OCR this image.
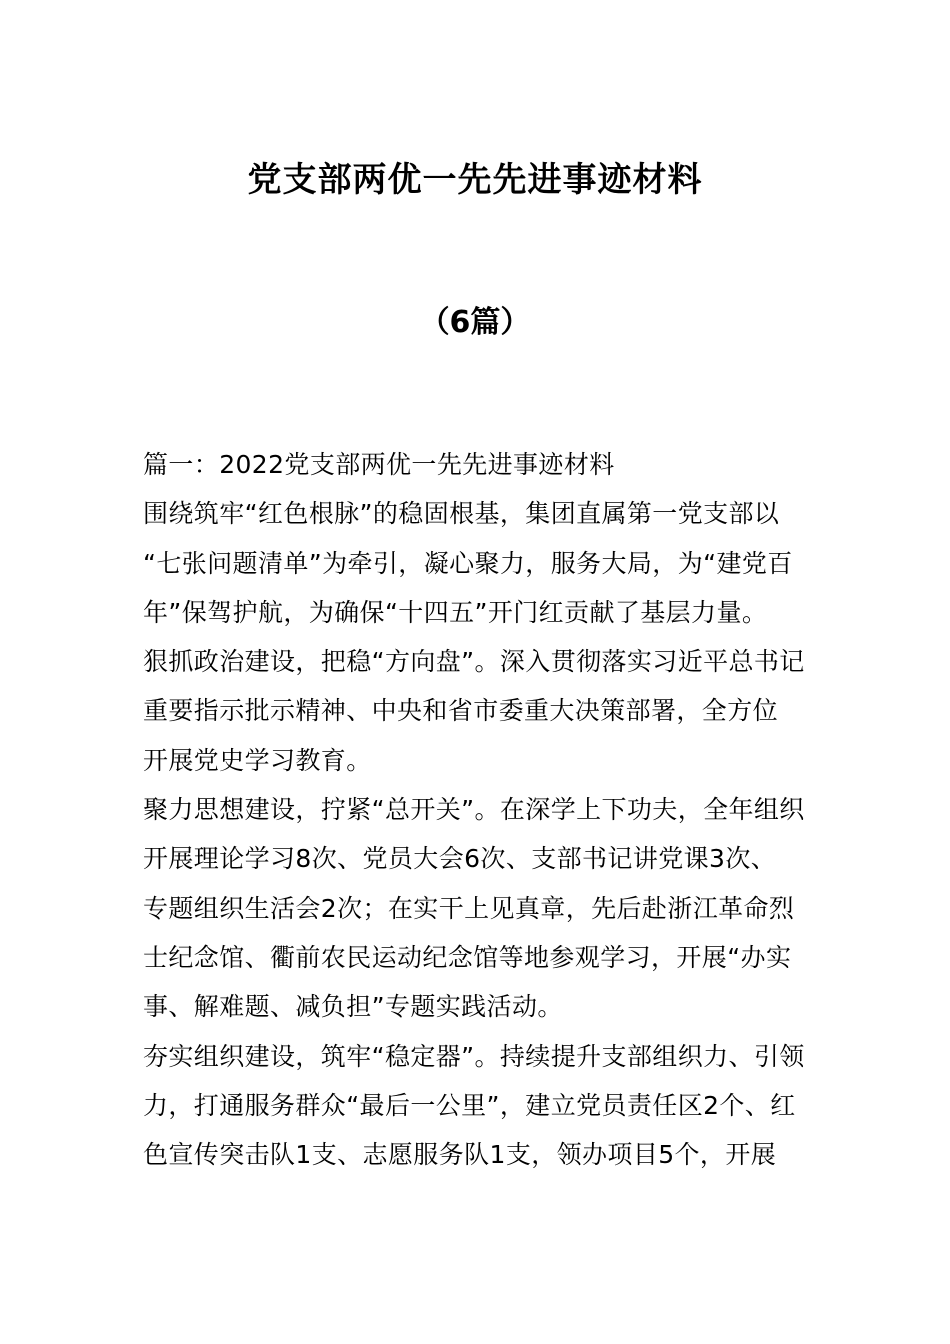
党支部两优一先先进事迹材料
（6篇）
篇一：2022党支部两优一先先进事迹材料
围绕筑牢“红色根脉”的稳固根基，集团直属第一党支部以
“七张问题清单”为牵引，凝心聚力，服务大局，为“建党百
年”保驾护航，为确保“十四五”开门红贡献了基层力量。
狠抓政治建设，把稳“方向盘”。深入贯彻落实习近平总书记
重要指示批示精神、中央和省市委重大决策部署，全方位
开展党史学习教育。
聚力思想建设，拧紧“总开关”。在深学上下功夫，全年组织
开展理论学习8次、党员大会6次、支部书记讲党课3次、
专题组织生活会2次；在实干上见真章，先后赴浙江革命烈
士纪念馆、衢前农民运动纪念馆等地参观学习，开展“办实
事、解难题、减负担”专题实践活动。
夯实组织建设，筑牢“稳定器”。持续提升支部组织力、引领
力，打通服务群众“最后一公里”，建立党员责任区2个、红
色宣传突击队1支、志愿服务队1支，领办项目5个，开展
